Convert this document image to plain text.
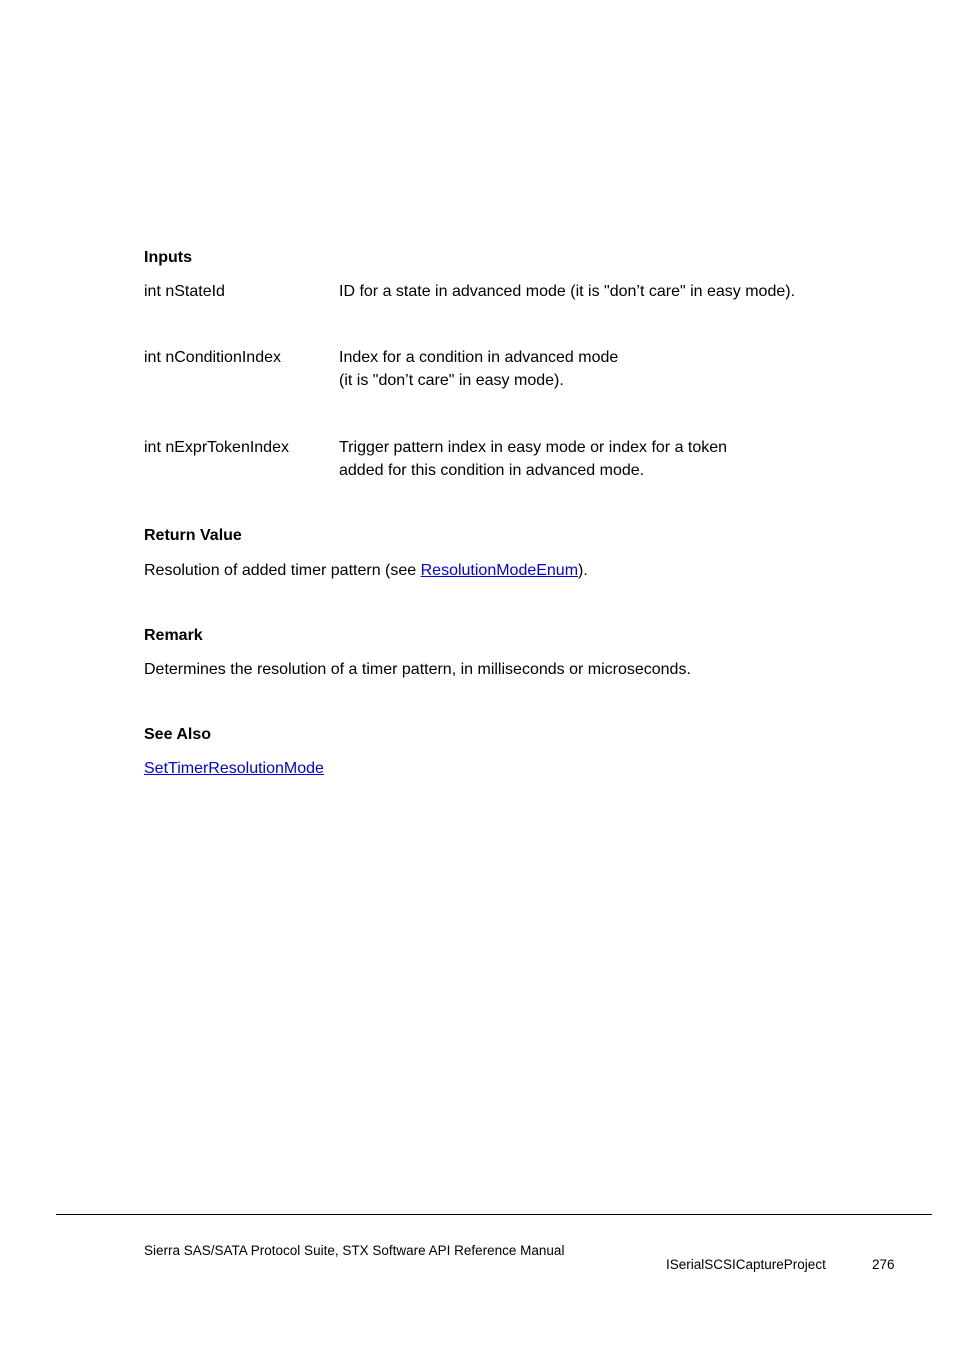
Inputs
int nStateId	ID for a state in advanced mode (it is "don’t care" in easy mode).
int nConditionIndex	Index for a condition in advanced mode
(it is "don’t care" in easy mode).
int nExprTokenIndex	Trigger pattern index in easy mode or index for a token
added for this condition in advanced mode.
Return Value
Resolution of added timer pattern (see ResolutionModeEnum).
Remark
Determines the resolution of a timer pattern, in milliseconds or microseconds.
See Also
SetTimerResolutionMode
Sierra SAS/SATA Protocol Suite, STX Software API Reference Manual
ISerialSCSICaptureProject	276
